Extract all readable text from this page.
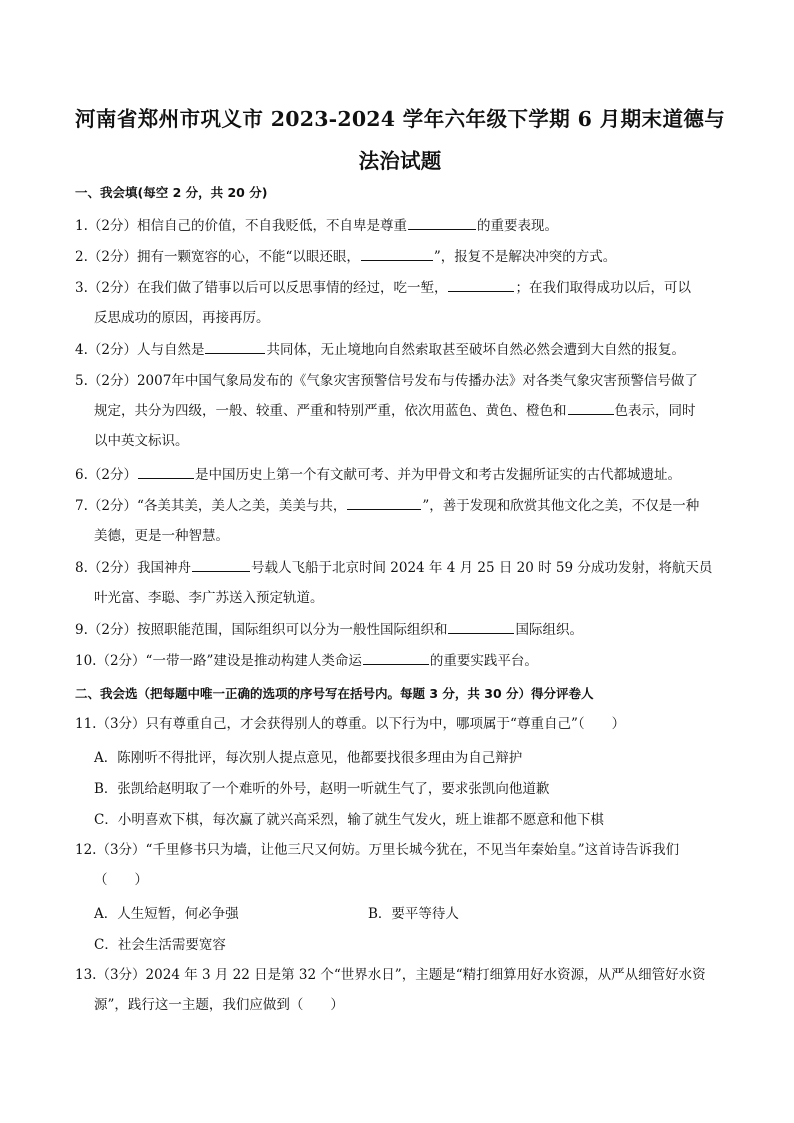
河南省郑州市巩义市 2023-2024 学年六年级下学期 6 月期末道德与法治试题
一、我会填(每空 2 分，共 20 分)
1.（2分）相信自己的价值，不自我贬低，不自卑是尊重	的重要表现。
2.（2分）拥有一颗宽容的心，不能“以眼还眼，	”，报复不是解决冲突的方式。
3.（2分）在我们做了错事以后可以反思事情的经过，吃一堑，	；在我们取得成功以后，可以
反思成功的原因，再接再厉。
4.（2分）人与自然是	共同体，无止境地向自然索取甚至破坏自然必然会遭到大自然的报复。
5.（2分）2007年中国气象局发布的《气象灾害预警信号发布与传播办法》对各类气象灾害预警信号做了
规定，共分为四级，一般、较重、严重和特别严重，依次用蓝色、黄色、橙色和	色表示，同时
以中英文标识。
6.（2分）	是中国历史上第一个有文献可考、并为甲骨文和考古发掘所证实的古代都城遗址。
7.（2分）“各美其美，美人之美，美美与共，	”，善于发现和欣赏其他文化之美，不仅是一种
美德，更是一种智慧。
8.（2分）我国神舟	号载人飞船于北京时间 2024 年 4 月 25 日 20 时 59 分成功发射，将航天员
叶光富、李聪、李广苏送入预定轨道。
9.（2分）按照职能范围，国际组织可以分为一般性国际组织和	国际组织。
10.（2分）“一带一路”建设是推动构建人类命运	的重要实践平台。
二、我会选（把每题中唯一正确的选项的序号写在括号内。每题 3 分，共 30 分）得分评卷人
11.（3分）只有尊重自己，才会获得别人的尊重。以下行为中，哪项属于“尊重自己”（　　）
A．陈刚听不得批评，每次别人提点意见，他都要找很多理由为自己辩护
B．张凯给赵明取了一个难听的外号，赵明一听就生气了，要求张凯向他道歉
C．小明喜欢下棋，每次赢了就兴高采烈，输了就生气发火，班上谁都不愿意和他下棋
12.（3分）“千里修书只为墙，让他三尺又何妨。万里长城今犹在，不见当年秦始皇。”这首诗告诉我们
（　　）
A．人生短暂，何必争强	B．要平等待人
C．社会生活需要宽容
13.（3分）2024 年 3 月 22 日是第 32 个“世界水日”，主题是“精打细算用好水资源，从严从细管好水资
源”，践行这一主题，我们应做到（　　）
